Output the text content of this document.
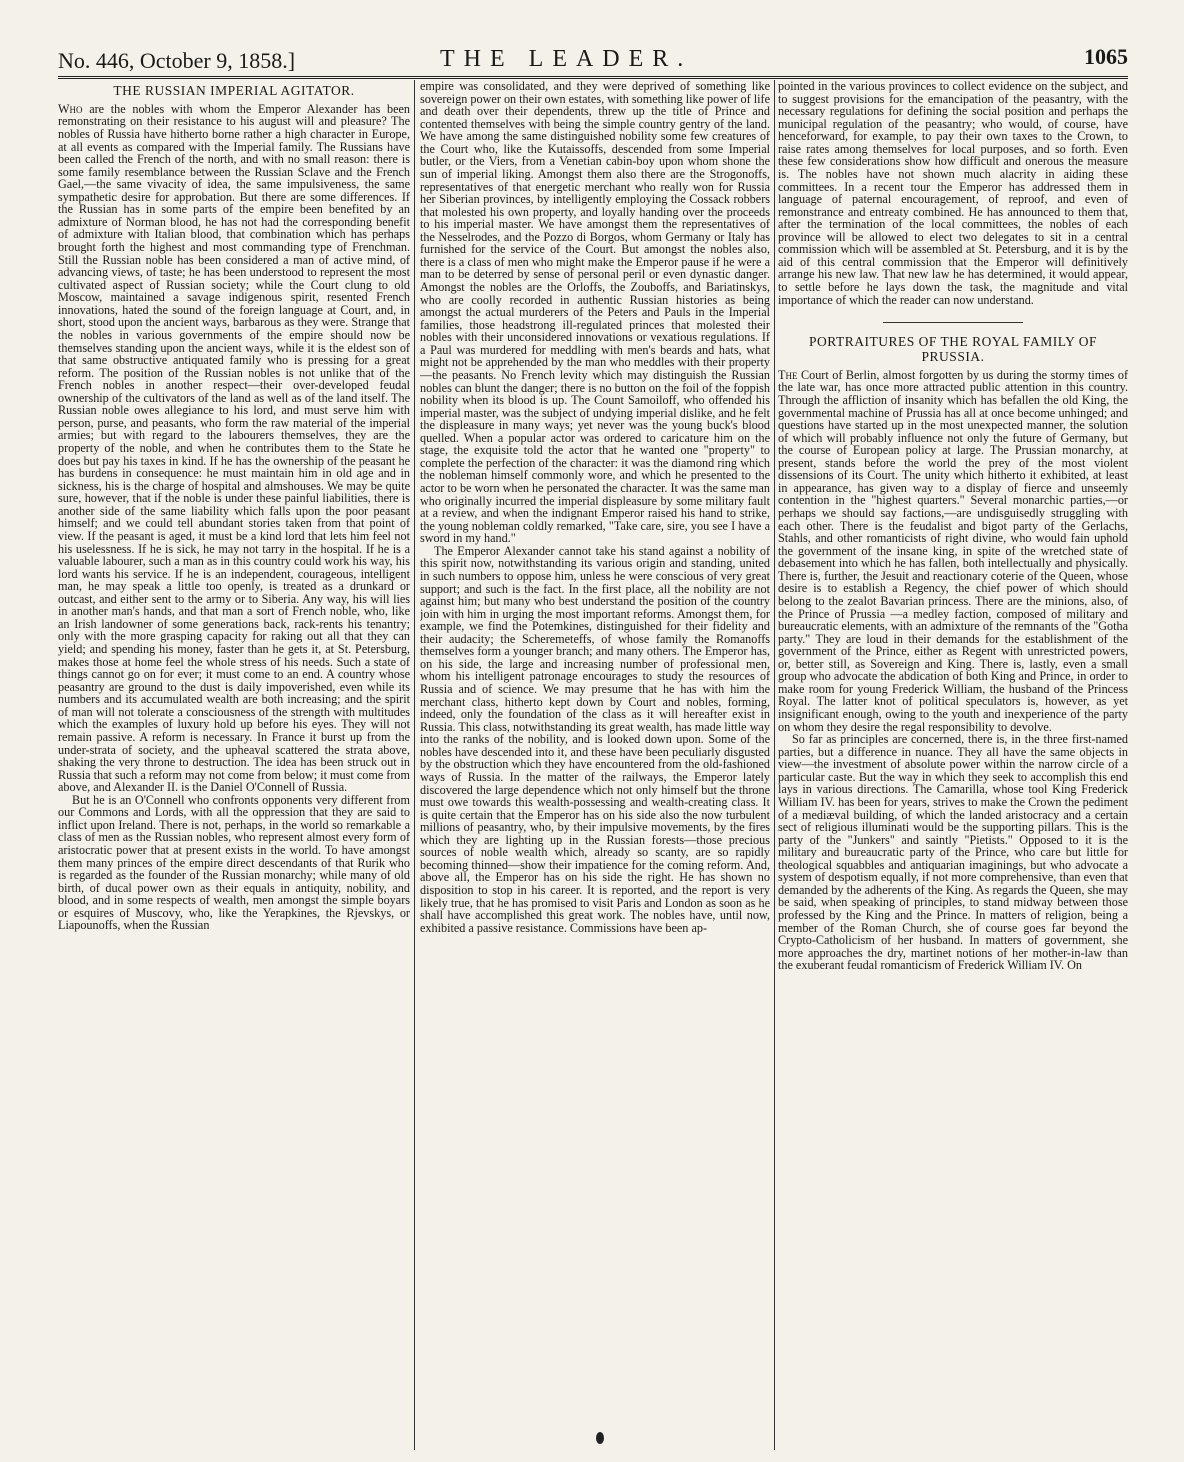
No. 446, October 9, 1858.]	THE LEADER.	1065
THE RUSSIAN IMPERIAL AGITATOR.

Who are the nobles with whom the Emperor Alexander has been remonstrating on their resistance to his august will and pleasure? The nobles of Russia have hitherto borne rather a high character in Europe, at all events as compared with the Imperial family. The Russians have been called the French of the north, and with no small reason: there is some family resemblance between the Russian Sclave and the French Gael,—the same vivacity of idea, the same impulsiveness, the same sympathetic desire for approbation. But there are some differences. If the Russian has in some parts of the empire been benefited by an admixture of Norman blood, he has not had the corresponding benefit of admixture with Italian blood, that combination which has perhaps brought forth the highest and most commanding type of Frenchman. Still the Russian noble has been considered a man of active mind, of advancing views, of taste; he has been understood to represent the most cultivated aspect of Russian society; while the Court clung to old Moscow, maintained a savage indigenous spirit, resented French innovations, hated the sound of the foreign language at Court, and, in short, stood upon the ancient ways, barbarous as they were. Strange that the nobles in various governments of the empire should now be themselves standing upon the ancient ways, while it is the eldest son of that same obstructive antiquated family who is pressing for a great reform. The position of the Russian nobles is not unlike that of the French nobles in another respect—their over-developed feudal ownership of the cultivators of the land as well as of the land itself. The Russian noble owes allegiance to his lord, and must serve him with person, purse, and peasants, who form the raw material of the imperial armies; but with regard to the labourers themselves, they are the property of the noble, and when he contributes them to the State he does but pay his taxes in kind. If he has the ownership of the peasant he has burdens in consequence: he must maintain him in old age and in sickness, his is the charge of hospital and almshouses. We may be quite sure, however, that if the noble is under these painful liabilities, there is another side of the same liability which falls upon the poor peasant himself; and we could tell abundant stories taken from that point of view. If the peasant is aged, it must be a kind lord that lets him feel not his uselessness. If he is sick, he may not tarry in the hospital. If he is a valuable labourer, such a man as in this country could work his way, his lord wants his service. If he is an independent, courageous, intelligent man, he may speak a little too openly, is treated as a drunkard or outcast, and either sent to the army or to Siberia. Any way, his will lies in another man's hands, and that man a sort of French noble, who, like an Irish landowner of some generations back, rack-rents his tenantry; only with the more grasping capacity for raking out all that they can yield; and spending his money, faster than he gets it, at St. Petersburg, makes those at home feel the whole stress of his needs. Such a state of things cannot go on for ever; it must come to an end. A country whose peasantry are ground to the dust is daily impoverished, even while its numbers and its accumulated wealth are both increasing; and the spirit of man will not tolerate a consciousness of the strength with multitudes which the examples of luxury hold up before his eyes. They will not remain passive. A reform is necessary. In France it burst up from the under-strata of society, and the upheaval scattered the strata above, shaking the very throne to destruction. The idea has been struck out in Russia that such a reform may not come from below; it must come from above, and Alexander II. is the Daniel O'Connell of Russia.

But he is an O'Connell who confronts opponents very different from our Commons and Lords, with all the oppression that they are said to inflict upon Ireland. There is not, perhaps, in the world so remarkable a class of men as the Russian nobles, who represent almost every form of aristocratic power that at present exists in the world. To have amongst them many princes of the empire direct descendants of that Rurik who is regarded as the founder of the Russian monarchy; while many of old birth, of ducal power own as their equals in antiquity, nobility, and blood, and in some respects of wealth, men amongst the simple boyars or esquires of Muscovy, who, like the Yerapkines, the Rjevskys, or Liapounoffs, when the Russian

empire was consolidated, and they were deprived of something like sovereign power on their own estates, with something like power of life and death over their dependents, threw up the title of Prince and contented themselves with being the simple country gentry of the land. We have among the same distinguished nobility some few creatures of the Court who, like the Kutaissoffs, descended from some Imperial butler, or the Viers, from a Venetian cabin-boy upon whom shone the sun of imperial liking. Amongst them also there are the Strogonoffs, representatives of that energetic merchant who really won for Russia her Siberian provinces, by intelligently employing the Cossack robbers that molested his own property, and loyally handing over the proceeds to his imperial master. We have amongst them the representatives of the Nesselrodes, and the Pozzo di Borgos, whom Germany or Italy has furnished for the service of the Court. But amongst the nobles also, there is a class of men who might make the Emperor pause if he were a man to be deterred by sense of personal peril or even dynastic danger. Amongst the nobles are the Orloffs, the Zouboffs, and Bariatinskys, who are coolly recorded in authentic Russian histories as being amongst the actual murderers of the Peters and Pauls in the Imperial families, those headstrong ill-regulated princes that molested their nobles with their unconsidered innovations or vexatious regulations. If a Paul was murdered for meddling with men's beards and hats, what might not be apprehended by the man who meddles with their property—the peasants. No French levity which may distinguish the Russian nobles can blunt the danger; there is no button on the foil of the foppish nobility when its blood is up. The Count Samoiloff, who offended his imperial master, was the subject of undying imperial dislike, and he felt the displeasure in many ways; yet never was the young buck's blood quelled. When a popular actor was ordered to caricature him on the stage, the exquisite told the actor that he wanted one "property" to complete the perfection of the character: it was the diamond ring which the nobleman himself commonly wore, and which he presented to the actor to be worn when he personated the character. It was the same man who originally incurred the imperial displeasure by some military fault at a review, and when the indignant Emperor raised his hand to strike, the young nobleman coldly remarked, "Take care, sire, you see I have a sword in my hand."

The Emperor Alexander cannot take his stand against a nobility of this spirit now, notwithstanding its various origin and standing, united in such numbers to oppose him, unless he were conscious of very great support; and such is the fact. In the first place, all the nobility are not against him; but many who best understand the position of the country join with him in urging the most important reforms. Amongst them, for example, we find the Potemkines, distinguished for their fidelity and their audacity; the Scheremeteffs, of whose family the Romanoffs themselves form a younger branch; and many others. The Emperor has, on his side, the large and increasing number of professional men, whom his intelligent patronage encourages to study the resources of Russia and of science. We may presume that he has with him the merchant class, hitherto kept down by Court and nobles, forming, indeed, only the foundation of the class as it will hereafter exist in Russia. This class, notwithstanding its great wealth, has made little way into the ranks of the nobility, and is looked down upon. Some of the nobles have descended into it, and these have been peculiarly disgusted by the obstruction which they have encountered from the old-fashioned ways of Russia. In the matter of the railways, the Emperor lately discovered the large dependence which not only himself but the throne must owe towards this wealth-possessing and wealth-creating class. It is quite certain that the Emperor has on his side also the now turbulent millions of peasantry, who, by their impulsive movements, by the fires which they are lighting up in the Russian forests—those precious sources of noble wealth which, already so scanty, are so rapidly becoming thinned—show their impatience for the coming reform. And, above all, the Emperor has on his side the right. He has shown no disposition to stop in his career. It is reported, and the report is very likely true, that he has promised to visit Paris and London as soon as he shall have accomplished this great work. The nobles have, until now, exhibited a passive resistance. Commissions have been ap-

pointed in the various provinces to collect evidence on the subject, and to suggest provisions for the emancipation of the peasantry, with the necessary regulations for defining the social position and perhaps the municipal regulation of the peasantry; who would, of course, have henceforward, for example, to pay their own taxes to the Crown, to raise rates among themselves for local purposes, and so forth. Even these few considerations show how difficult and onerous the measure is. The nobles have not shown much alacrity in aiding these committees. In a recent tour the Emperor has addressed them in language of paternal encouragement, of reproof, and even of remonstrance and entreaty combined. He has announced to them that, after the termination of the local committees, the nobles of each province will be allowed to elect two delegates to sit in a central commission which will be assembled at St. Petersburg, and it is by the aid of this central commission that the Emperor will definitively arrange his new law. That new law he has determined, it would appear, to settle before he lays down the task, the magnitude and vital importance of which the reader can now understand.

PORTRAITURES OF THE ROYAL FAMILY OF PRUSSIA.

The Court of Berlin, almost forgotten by us during the stormy times of the late war, has once more attracted public attention in this country. Through the affliction of insanity which has befallen the old King, the governmental machine of Prussia has all at once become unhinged; and questions have started up in the most unexpected manner, the solution of which will probably influence not only the future of Germany, but the course of European policy at large. The Prussian monarchy, at present, stands before the world the prey of the most violent dissensions of its Court. The unity which hitherto it exhibited, at least in appearance, has given way to a display of fierce and unseemly contention in the "highest quarters." Several monarchic parties,—or perhaps we should say factions,—are undisguisedly struggling with each other. There is the feudalist and bigot party of the Gerlachs, Stahls, and other romanticists of right divine, who would fain uphold the government of the insane king, in spite of the wretched state of debasement into which he has fallen, both intellectually and physically. There is, further, the Jesuit and reactionary coterie of the Queen, whose desire is to establish a Regency, the chief power of which should belong to the zealot Bavarian princess. There are the minions, also, of the Prince of Prussia —a medley faction, composed of military and bureaucratic elements, with an admixture of the remnants of the "Gotha party." They are loud in their demands for the establishment of the government of the Prince, either as Regent with unrestricted powers, or, better still, as Sovereign and King. There is, lastly, even a small group who advocate the abdication of both King and Prince, in order to make room for young Frederick William, the husband of the Princess Royal. The latter knot of political speculators is, however, as yet insignificant enough, owing to the youth and inexperience of the party on whom they desire the regal responsibility to devolve.

So far as principles are concerned, there is, in the three first-named parties, but a difference in nuance. They all have the same objects in view—the investment of absolute power within the narrow circle of a particular caste. But the way in which they seek to accomplish this end lays in various directions. The Camarilla, whose tool King Frederick William IV. has been for years, strives to make the Crown the pediment of a mediæval building, of which the landed aristocracy and a certain sect of religious illuminati would be the supporting pillars. This is the party of the "Junkers" and saintly "Pietists." Opposed to it is the military and bureaucratic party of the Prince, who care but little for theological squabbles and antiquarian imaginings, but who advocate a system of despotism equally, if not more comprehensive, than even that demanded by the adherents of the King. As regards the Queen, she may be said, when speaking of principles, to stand midway between those professed by the King and the Prince. In matters of religion, being a member of the Roman Church, she of course goes far beyond the Crypto-Catholicism of her husband. In matters of government, she more approaches the dry, martinet notions of her mother-in-law than the exuberant feudal romanticism of Frederick William IV. On
